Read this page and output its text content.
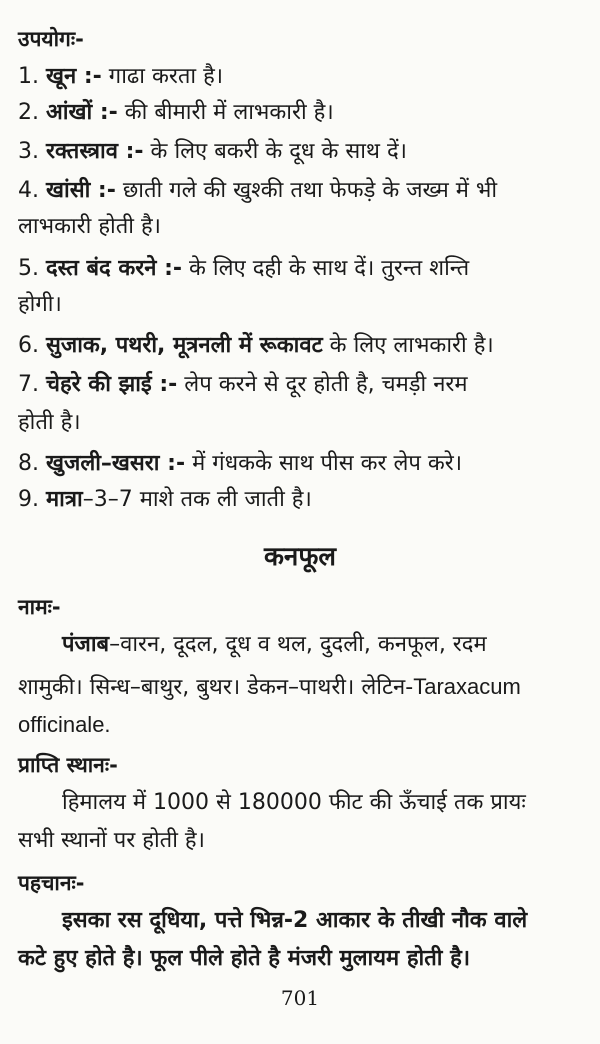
उपयोगः-
1. खून :- गाढा करता है।
2. आंखों :- की बीमारी में लाभकारी है।
3. रक्तस्त्राव :- के लिए बकरी के दूध के साथ दें।
4. खांसी :- छाती गले की खुश्की तथा फेफड़े के जख्म में भी
लाभकारी होती है।
5. दस्त बंद करने :- के लिए दही के साथ दें। तुरन्त शन्ति
होगी।
6. सुजाक, पथरी, मूत्रनली में रूकावट के लिए लाभकारी है।
7. चेहरे की झाई :- लेप करने से दूर होती है, चमड़ी नरम
होती है।
8. खुजली–खसरा :- में गंधकके साथ पीस कर लेप करे।
9. मात्रा–3–7 माशे तक ली जाती है।
कनफूल
नामः-
पंजाब–वारन, दूदल, दूध व थल, दुदली, कनफूल, रदम
शामुकी। सिन्ध–बाथुर, बुथर। डेकन–पाथरी। लेटिन-Taraxacum
officinale.
प्राप्ति स्थानः-
हिमालय में 1000 से 180000 फीट की ऊँचाई तक प्रायः
सभी स्थानों पर होती है।
पहचानः-
इसका रस दूधिया, पत्ते भिन्न-2 आकार के तीखी नौक वाले
कटे हुए होते है। फूल पीले होते है मंजरी मुलायम होती है।
701
